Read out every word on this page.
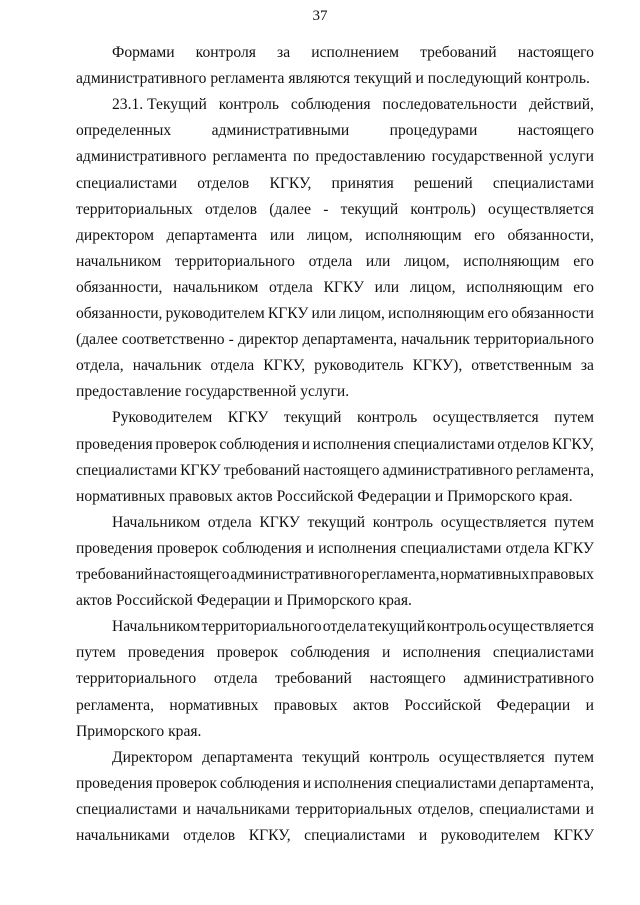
37
Формами контроля за исполнением требований настоящего
административного регламента являются текущий и последующий контроль.
23.1. Текущий контроль соблюдения последовательности действий,
определенных	административными	процедурами	настоящего
административного регламента по предоставлению государственной услуги
специалистами отделов КГКУ, принятия решений специалистами
территориальных отделов (далее - текущий контроль) осуществляется
директором департамента или лицом, исполняющим его обязанности,
начальником территориального отдела или лицом, исполняющим его
обязанности, начальником отдела КГКУ или лицом, исполняющим его
обязанности, руководителем КГКУ или лицом, исполняющим его обязанности
(далее соответственно - директор департамента, начальник территориального
отдела, начальник отдела КГКУ, руководитель КГКУ), ответственным за
предоставление государственной услуги.
Руководителем КГКУ текущий контроль осуществляется путем
проведения проверок соблюдения и исполнения специалистами отделов КГКУ,
специалистами КГКУ требований настоящего административного регламента,
нормативных правовых актов Российской Федерации и Приморского края.
Начальником отдела КГКУ текущий контроль осуществляется путем
проведения проверок соблюдения и исполнения специалистами отдела КГКУ
требований настоящего административного регламента, нормативных правовых
актов Российской Федерации и Приморского края.
Начальником территориального отдела текущий контроль осуществляется
путем проведения проверок соблюдения и исполнения специалистами
территориального отдела требований настоящего административного
регламента, нормативных правовых актов Российской Федерации и
Приморского края.
Директором департамента текущий контроль осуществляется путем
проведения проверок соблюдения и исполнения специалистами департамента,
специалистами и начальниками территориальных отделов, специалистами и
начальниками отделов КГКУ, специалистами и руководителем КГКУ
